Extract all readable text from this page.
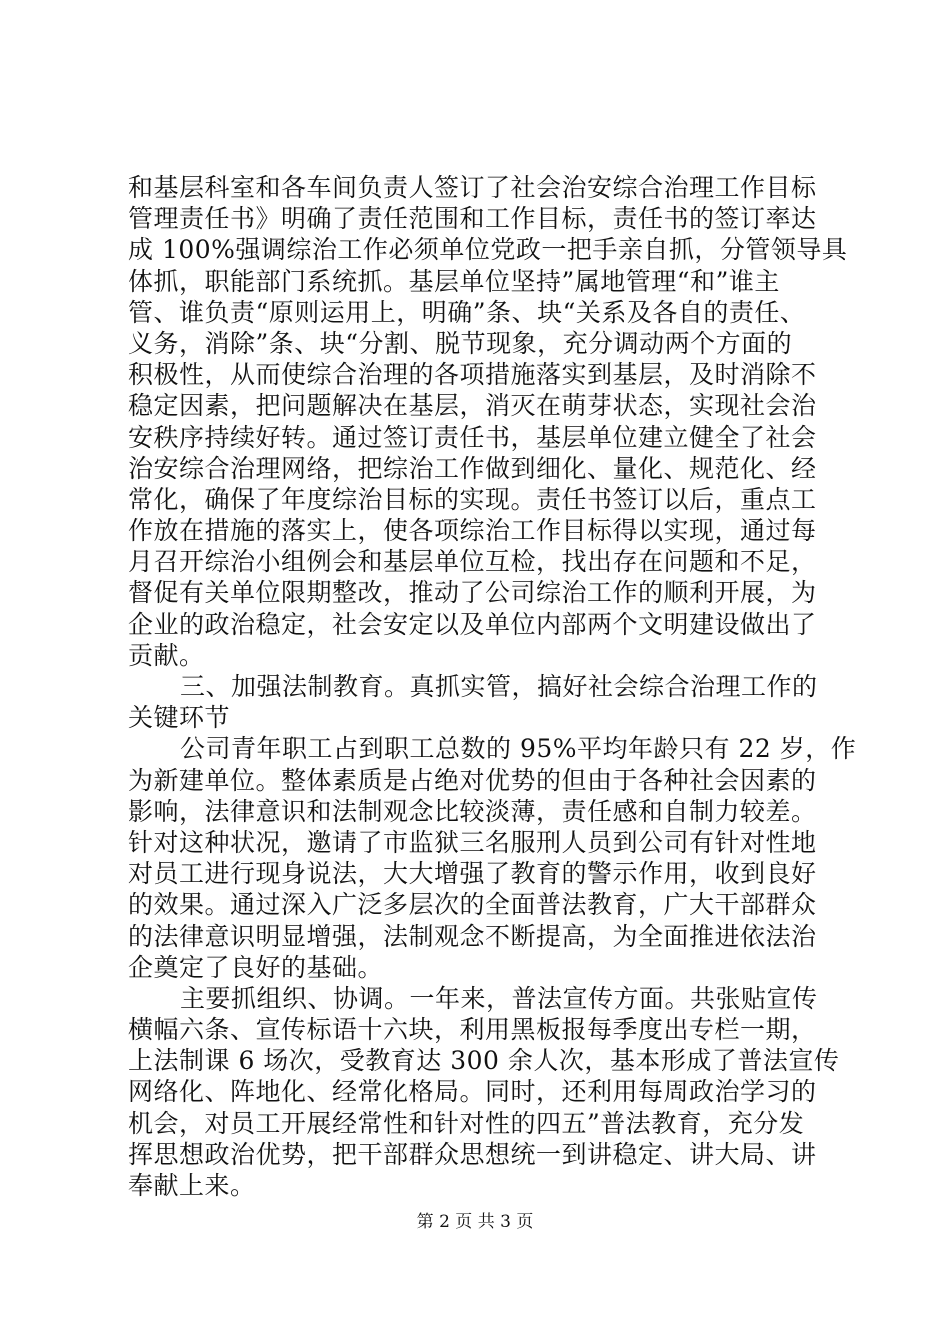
和基层科室和各车间负责人签订了社会治安综合治理工作目标
管理责任书》明确了责任范围和工作目标，责任书的签订率达
成 100%强调综治工作必须单位党政一把手亲自抓，分管领导具
体抓，职能部门系统抓。基层单位坚持”属地管理“和”谁主
管、谁负责“原则运用上，明确”条、块“关系及各自的责任、
义务，消除”条、块“分割、脱节现象，充分调动两个方面的
积极性，从而使综合治理的各项措施落实到基层，及时消除不
稳定因素，把问题解决在基层，消灭在萌芽状态，实现社会治
安秩序持续好转。通过签订责任书，基层单位建立健全了社会
治安综合治理网络，把综治工作做到细化、量化、规范化、经
常化，确保了年度综治目标的实现。责任书签订以后，重点工
作放在措施的落实上，使各项综治工作目标得以实现，通过每
月召开综治小组例会和基层单位互检，找出存在问题和不足，
督促有关单位限期整改，推动了公司综治工作的顺利开展，为
企业的政治稳定，社会安定以及单位内部两个文明建设做出了
贡献。
三、加强法制教育。真抓实管，搞好社会综合治理工作的
关键环节
公司青年职工占到职工总数的 95%平均年龄只有 22 岁，作
为新建单位。整体素质是占绝对优势的但由于各种社会因素的
影响，法律意识和法制观念比较淡薄，责任感和自制力较差。
针对这种状况，邀请了市监狱三名服刑人员到公司有针对性地
对员工进行现身说法，大大增强了教育的警示作用，收到良好
的效果。通过深入广泛多层次的全面普法教育，广大干部群众
的法律意识明显增强，法制观念不断提高，为全面推进依法治
企奠定了良好的基础。
主要抓组织、协调。一年来，普法宣传方面。共张贴宣传
横幅六条、宣传标语十六块，利用黑板报每季度出专栏一期，
上法制课 6 场次，受教育达 300 余人次，基本形成了普法宣传
网络化、阵地化、经常化格局。同时，还利用每周政治学习的
机会，对员工开展经常性和针对性的四五”普法教育，充分发
挥思想政治优势，把干部群众思想统一到讲稳定、讲大局、讲
奉献上来。
第 2 页 共 3 页
